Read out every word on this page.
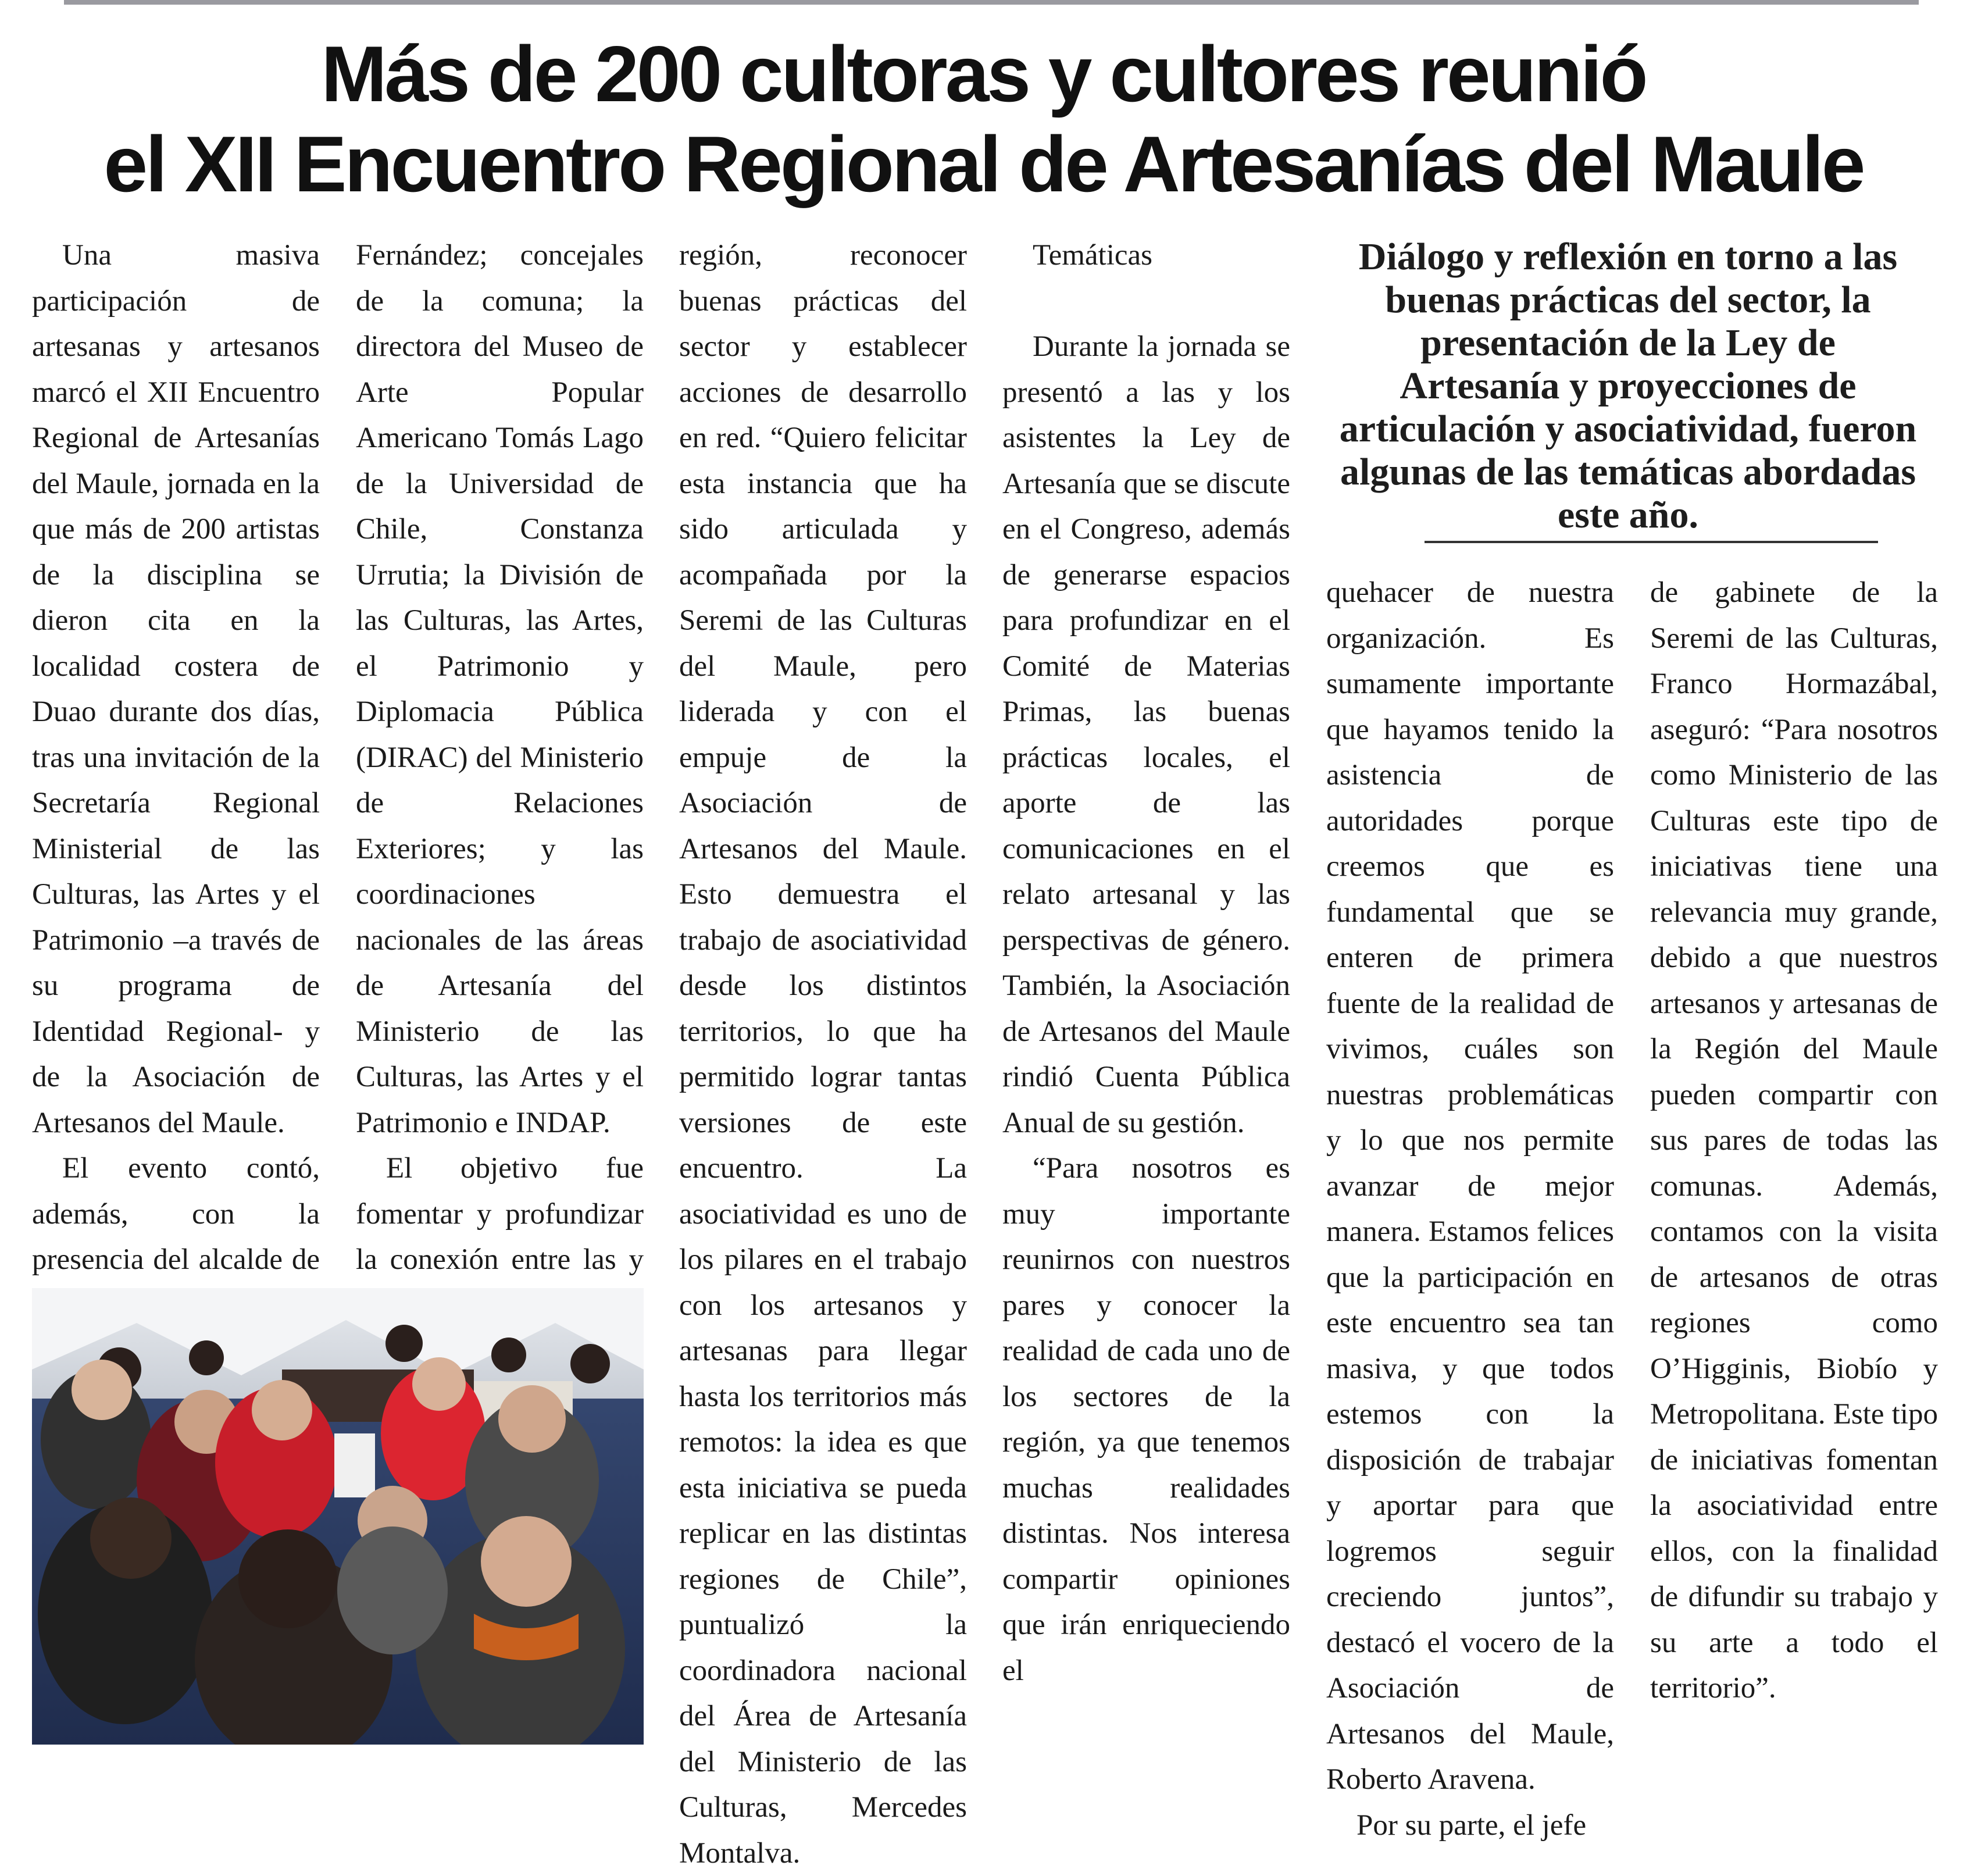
Más de 200 cultoras y cultores reunió
el XII Encuentro Regional de Artesanías del Maule

Una masiva participación de artesanas y artesanos marcó el XII Encuentro Regional de Artesanías del Maule, jornada en la que más de 200 artistas de la disciplina se dieron cita en la localidad costera de Duao durante dos días, tras una invitación de la Secretaría Regional Ministerial de las Culturas, las Artes y el Patrimonio –a través de su programa de Identidad Regional- y de la Asociación de Artesanos del Maule.

El evento contó, además, con la presencia del alcalde de

Fernández; concejales de la comuna; la directora del Museo de Arte Popular Americano Tomás Lago de la Universidad de Chile, Constanza Urrutia; la División de las Culturas, las Artes, el Patrimonio y Diplomacia Pública (DIRAC) del Ministerio de Relaciones Exteriores; y las coordinaciones nacionales de las áreas de Artesanía del Ministerio de las Culturas, las Artes y el Patrimonio e INDAP.

El objetivo fue fomentar y profundizar la conexión entre las y

región, reconocer buenas prácticas del sector y establecer acciones de desarrollo en red. “Quiero felicitar esta instancia que ha sido articulada y acompañada por la Seremi de las Culturas del Maule, pero liderada y con el empuje de la Asociación de Artesanos del Maule. Esto demuestra el trabajo de asociatividad desde los distintos territorios, lo que ha permitido lograr tantas versiones de este encuentro. La asociatividad es uno de los pilares en el trabajo con los artesanos y artesanas para llegar hasta los territorios más remotos: la idea es que esta iniciativa se pueda replicar en las distintas regiones de Chile”, puntualizó la coordinadora nacional del Área de Artesanía del Ministerio de las Culturas, Mercedes Montalva.

Temáticas

Durante la jornada se presentó a las y los asistentes la Ley de Artesanía que se discute en el Congreso, además de generarse espacios para profundizar en el Comité de Materias Primas, las buenas prácticas locales, el aporte de las comunicaciones en el relato artesanal y las perspectivas de género. También, la Asociación de Artesanos del Maule rindió Cuenta Pública Anual de su gestión.

“Para nosotros es muy importante reunirnos con nuestros pares y conocer la realidad de cada uno de los sectores de la región, ya que tenemos muchas realidades distintas. Nos interesa compartir opiniones que irán enriqueciendo el

Diálogo y reflexión en torno a las buenas prácticas del sector, la presentación de la Ley de Artesanía y proyecciones de articulación y asociatividad, fueron algunas de las temáticas abordadas este año.

quehacer de nuestra organización. Es sumamente importante que hayamos tenido la asistencia de autoridades porque creemos que es fundamental que se enteren de primera fuente de la realidad de vivimos, cuáles son nuestras problemáticas y lo que nos permite avanzar de mejor manera. Estamos felices que la participación en este encuentro sea tan masiva, y que todos estemos con la disposición de trabajar y aportar para que logremos seguir creciendo juntos”, destacó el vocero de la Asociación de Artesanos del Maule, Roberto Aravena.

Por su parte, el jefe

de gabinete de la Seremi de las Culturas, Franco Hormazábal, aseguró: “Para nosotros como Ministerio de las Culturas este tipo de iniciativas tiene una relevancia muy grande, debido a que nuestros artesanos y artesanas de la Región del Maule pueden compartir con sus pares de todas las comunas. Además, contamos con la visita de artesanos de otras regiones como O’Higginis, Biobío y Metropolitana. Este tipo de iniciativas fomentan la asociatividad entre ellos, con la finalidad de difundir su trabajo y su arte a todo el territorio”.
